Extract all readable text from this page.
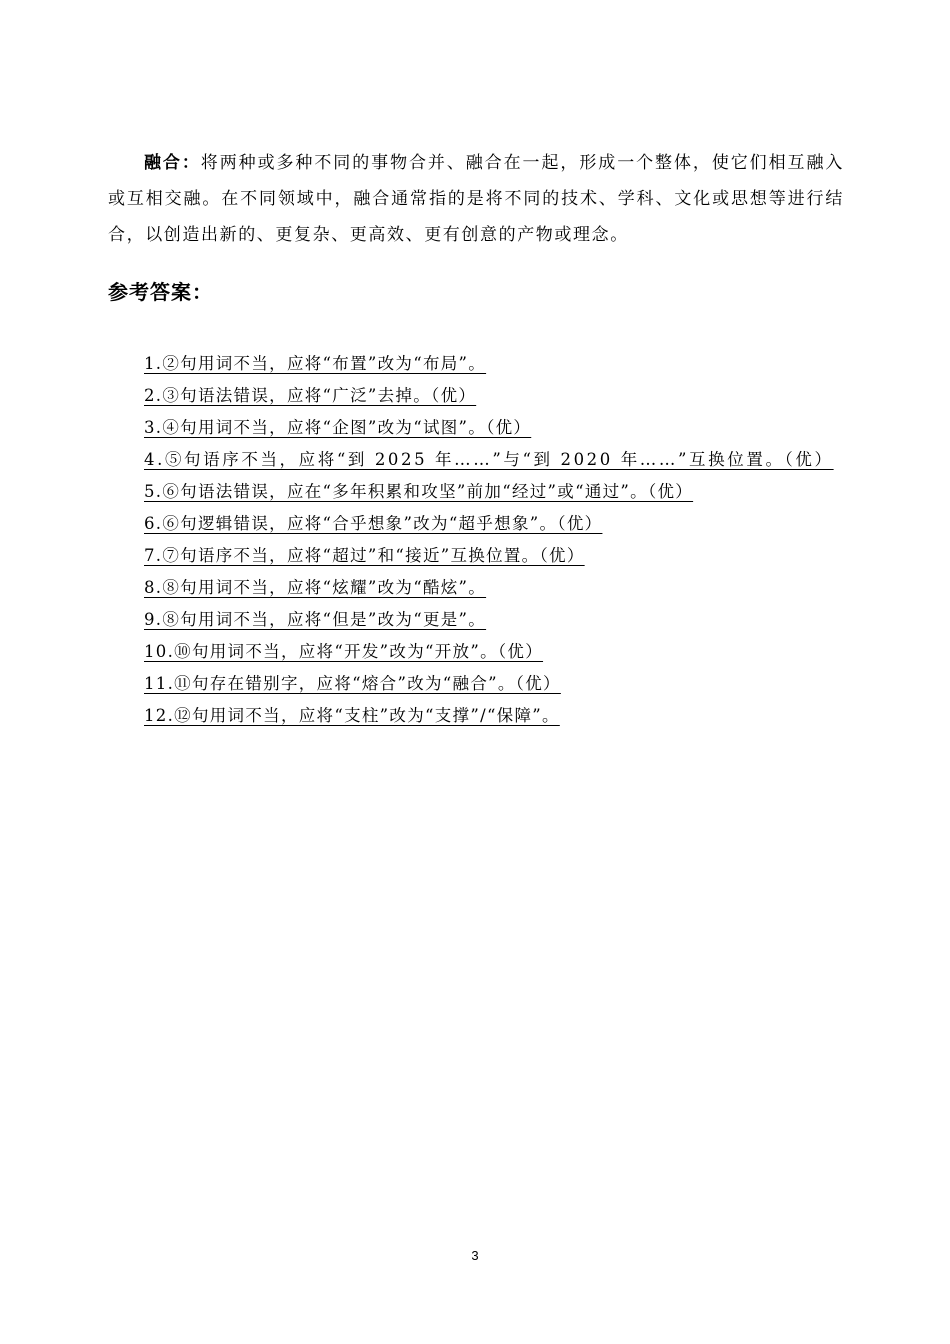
融合：将两种或多种不同的事物合并、融合在一起，形成一个整体，使它们相互融入或互相交融。在不同领域中，融合通常指的是将不同的技术、学科、文化或思想等进行结合，以创造出新的、更复杂、更高效、更有创意的产物或理念。

参考答案：
1.②句用词不当，应将“布置”改为“布局”。
2.③句语法错误，应将“广泛”去掉。（优）
3.④句用词不当，应将“企图”改为“试图”。（优）
4.⑤句语序不当，应将“到 2025 年……”与“到 2020 年……”互换位置。（优）
5.⑥句语法错误，应在“多年积累和攻坚”前加“经过”或“通过”。（优）
6.⑥句逻辑错误，应将“合乎想象”改为“超乎想象”。（优）
7.⑦句语序不当，应将“超过”和“接近”互换位置。（优）
8.⑧句用词不当，应将“炫耀”改为“酷炫”。
9.⑧句用词不当，应将“但是”改为“更是”。
10.⑩句用词不当，应将“开发”改为“开放”。（优）
11.⑪句存在错别字，应将“熔合”改为“融合”。（优）
12.⑫句用词不当，应将“支柱”改为“支撑”/“保障”。
3
